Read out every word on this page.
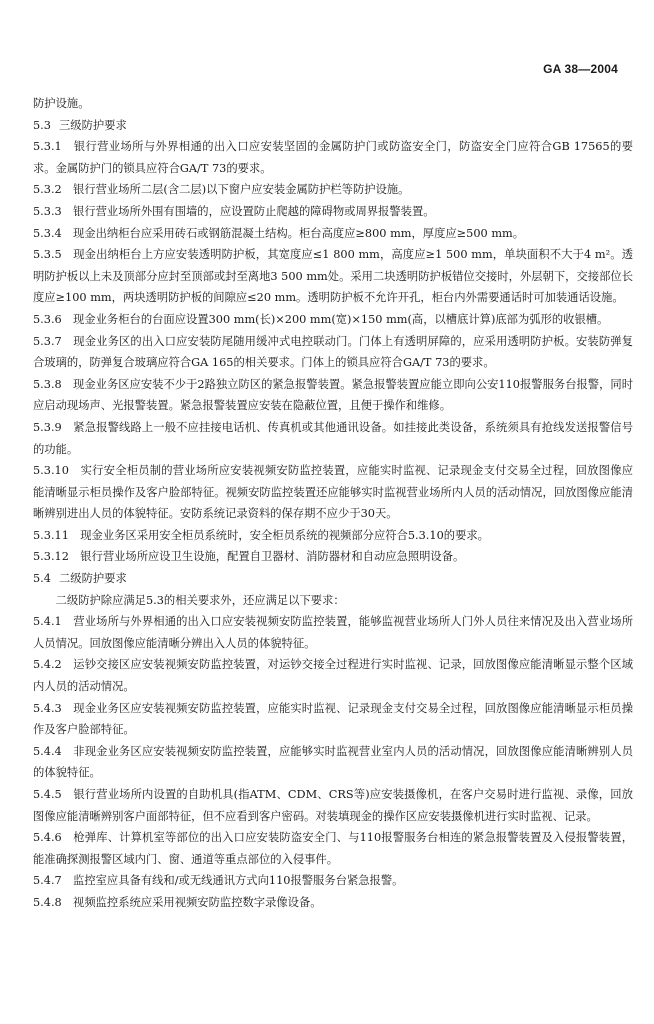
GA 38—2004

防护设施。

5.3 三级防护要求

5.3.1　银行营业场所与外界相通的出入口应安装坚固的金属防护门或防盗安全门，防盗安全门应符合GB 17565的要求。金属防护门的锁具应符合GA/T 73的要求。

5.3.2　银行营业场所二层(含二层)以下窗户应安装金属防护栏等防护设施。

5.3.3　银行营业场所外围有围墙的，应设置防止爬越的障碍物或周界报警装置。

5.3.4　现金出纳柜台应采用砖石或钢筋混凝土结构。柜台高度应≥800 mm，厚度应≥500 mm。

5.3.5　现金出纳柜台上方应安装透明防护板，其宽度应≤1 800 mm，高度应≥1 500 mm，单块面积不大于4 m²。透明防护板以上未及顶部分应封至顶部或封至离地3 500 mm处。采用二块透明防护板错位交接时，外层朝下，交接部位长度应≥100 mm，两块透明防护板的间隙应≤20 mm。透明防护板不允许开孔，柜台内外需要通话时可加装通话设施。

5.3.6　现金业务柜台的台面应设置300 mm(长)×200 mm(宽)×150 mm(高，以槽底计算)底部为弧形的收银槽。

5.3.7　现金业务区的出入口应安装防尾随用缓冲式电控联动门。门体上有透明屏障的，应采用透明防护板。安装防弹复合玻璃的，防弹复合玻璃应符合GA 165的相关要求。门体上的锁具应符合GA/T 73的要求。

5.3.8　现金业务区应安装不少于2路独立防区的紧急报警装置。紧急报警装置应能立即向公安110报警服务台报警，同时应启动现场声、光报警装置。紧急报警装置应安装在隐蔽位置，且便于操作和维修。

5.3.9　紧急报警线路上一般不应挂接电话机、传真机或其他通讯设备。如挂接此类设备，系统须具有抢线发送报警信号的功能。

5.3.10　实行安全柜员制的营业场所应安装视频安防监控装置，应能实时监视、记录现金支付交易全过程，回放图像应能清晰显示柜员操作及客户脸部特征。视频安防监控装置还应能够实时监视营业场所内人员的活动情况，回放图像应能清晰辨别进出人员的体貌特征。安防系统记录资料的保存期不应少于30天。

5.3.11　现金业务区采用安全柜员系统时，安全柜员系统的视频部分应符合5.3.10的要求。

5.3.12　银行营业场所应设卫生设施，配置自卫器材、消防器材和自动应急照明设备。

5.4 二级防护要求

二级防护除应满足5.3的相关要求外，还应满足以下要求：

5.4.1　营业场所与外界相通的出入口应安装视频安防监控装置，能够监视营业场所人门外人员往来情况及出入营业场所人员情况。回放图像应能清晰分辨出入人员的体貌特征。

5.4.2　运钞交接区应安装视频安防监控装置，对运钞交接全过程进行实时监视、记录，回放图像应能清晰显示整个区域内人员的活动情况。

5.4.3　现金业务区应安装视频安防监控装置，应能实时监视、记录现金支付交易全过程，回放图像应能清晰显示柜员操作及客户脸部特征。

5.4.4　非现金业务区应安装视频安防监控装置，应能够实时监视营业室内人员的活动情况，回放图像应能清晰辨别人员的体貌特征。

5.4.5　银行营业场所内设置的自助机具(指ATM、CDM、CRS等)应安装摄像机，在客户交易时进行监视、录像，回放图像应能清晰辨别客户面部特征，但不应看到客户密码。对装填现金的操作区应安装摄像机进行实时监视、记录。

5.4.6　枪弹库、计算机室等部位的出入口应安装防盗安全门、与110报警服务台相连的紧急报警装置及入侵报警装置，能准确探测报警区域内门、窗、通道等重点部位的入侵事件。

5.4.7　监控室应具备有线和/或无线通讯方式向110报警服务台紧急报警。

5.4.8　视频监控系统应采用视频安防监控数字录像设备。
